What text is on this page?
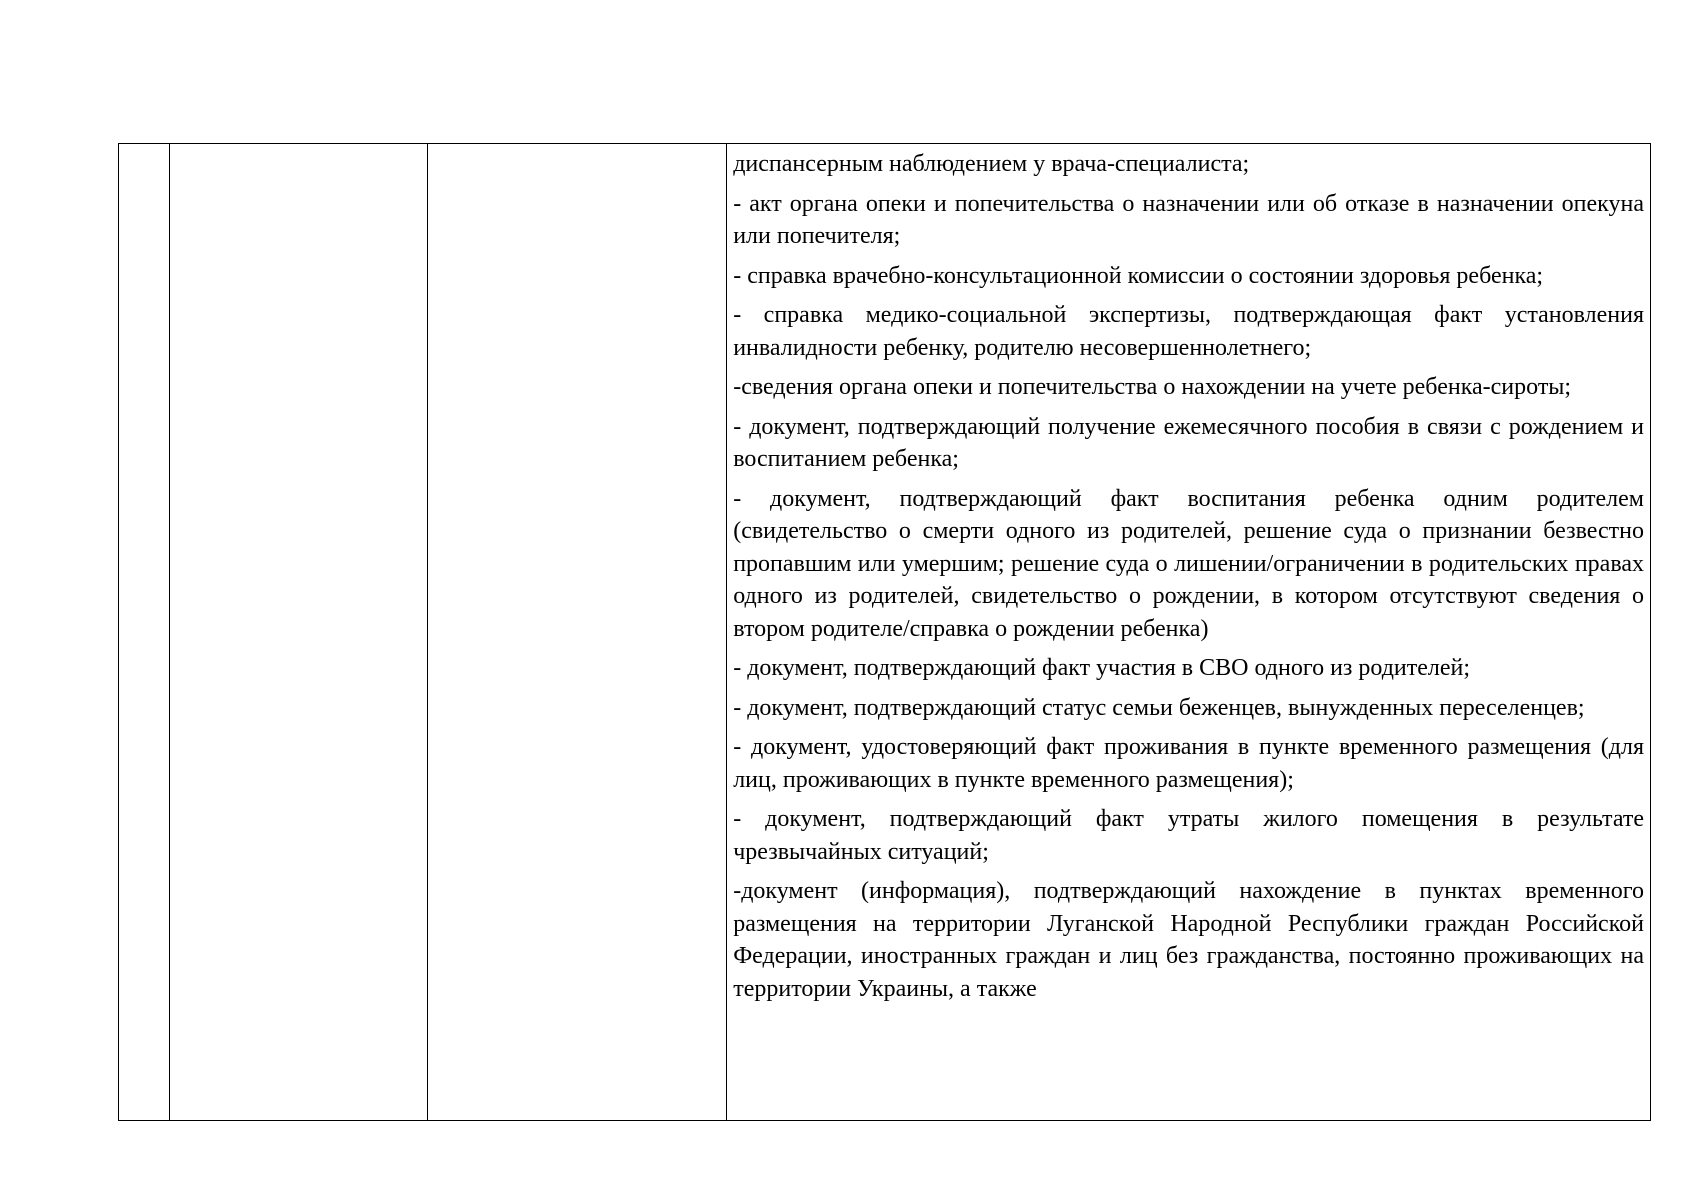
диспансерным наблюдением у врача-специалиста;

- акт органа опеки и попечительства о назначении или об отказе в назначении опекуна или попечителя;

- справка врачебно-консультационной комиссии о состоянии здоровья ребенка;

- справка медико-социальной экспертизы, подтверждающая факт установления инвалидности ребенку, родителю несовершеннолетнего;

-сведения органа опеки и попечительства о нахождении на учете ребенка-сироты;

- документ, подтверждающий получение ежемесячного пособия в связи с рождением и воспитанием ребенка;

- документ, подтверждающий факт воспитания ребенка одним родителем (свидетельство о смерти одного из родителей, решение суда о признании безвестно пропавшим или умершим; решение суда о лишении/ограничении в родительских правах одного из родителей, свидетельство о рождении, в котором отсутствуют сведения о втором родителе/справка о рождении ребенка)

- документ, подтверждающий факт участия в СВО одного из родителей;

- документ, подтверждающий статус семьи беженцев, вынужденных переселенцев;

- документ, удостоверяющий факт проживания в пункте временного размещения (для лиц, проживающих в пункте временного размещения);

- документ, подтверждающий факт утраты жилого помещения в результате чрезвычайных ситуаций;

-документ (информация), подтверждающий нахождение в пунктах временного размещения на территории Луганской Народной Республики граждан Российской Федерации, иностранных граждан и лиц без гражданства, постоянно проживающих на территории Украины, а также
